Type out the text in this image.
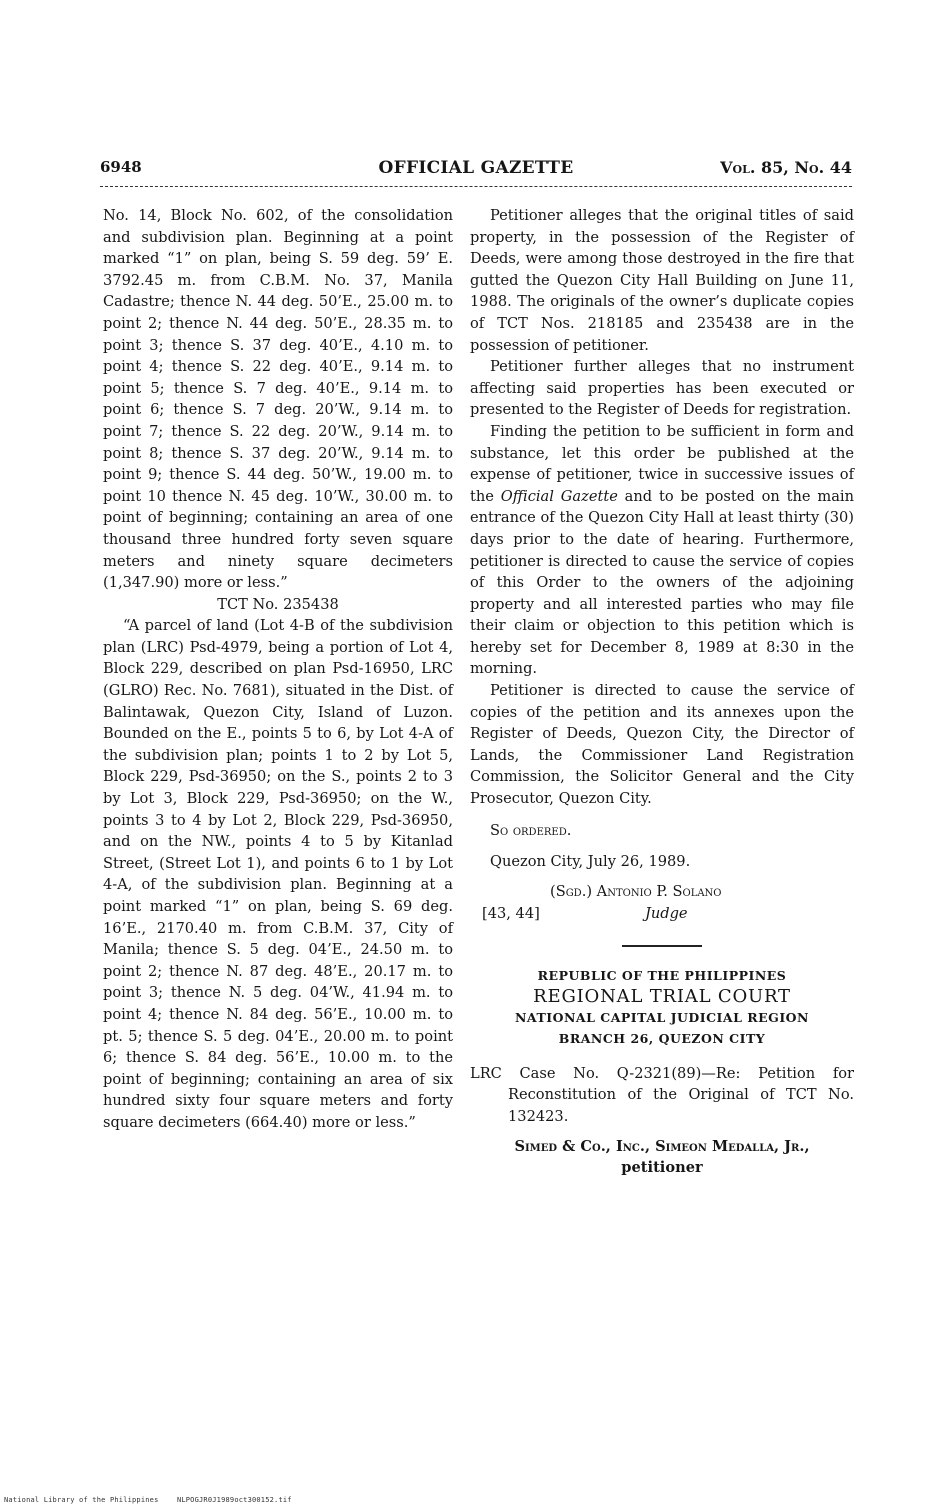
6948	OFFICIAL GAZETTE	Vol. 85, No. 44

No. 14, Block No. 602, of the consolidation and subdivision plan. Beginning at a point marked “1” on plan, being S. 59 deg. 59’ E. 3792.45 m. from C.B.M. No. 37, Manila Cadastre; thence N. 44 deg. 50’E., 25.00 m. to point 2; thence N. 44 deg. 50’E., 28.35 m. to point 3; thence S. 37 deg. 40’E., 4.10 m. to point 4; thence S. 22 deg. 40’E., 9.14 m. to point 5; thence S. 7 deg. 40’E., 9.14 m. to point 6; thence S. 7 deg. 20’W., 9.14 m. to point 7; thence S. 22 deg. 20’W., 9.14 m. to point 8; thence S. 37 deg. 20’W., 9.14 m. to point 9; thence S. 44 deg. 50’W., 19.00 m. to point 10 thence N. 45 deg. 10’W., 30.00 m. to point of beginning; containing an area of one thousand three hundred forty seven square meters and ninety square decimeters (1,347.90) more or less.”

TCT No. 235438

“A parcel of land (Lot 4-B of the subdivision plan (LRC) Psd-4979, being a portion of Lot 4, Block 229, described on plan Psd-16950, LRC (GLRO) Rec. No. 7681), situated in the Dist. of Balintawak, Quezon City, Island of Luzon. Bounded on the E., points 5 to 6, by Lot 4-A of the subdivision plan; points 1 to 2 by Lot 5, Block 229, Psd-36950; on the S., points 2 to 3 by Lot 3, Block 229, Psd-36950; on the W., points 3 to 4 by Lot 2, Block 229, Psd-36950, and on the NW., points 4 to 5 by Kitanlad Street, (Street Lot 1), and points 6 to 1 by Lot 4-A, of the subdivision plan. Beginning at a point marked “1” on plan, being S. 69 deg. 16’E., 2170.40 m. from C.B.M. 37, City of Manila; thence S. 5 deg. 04’E., 24.50 m. to point 2; thence N. 87 deg. 48’E., 20.17 m. to point 3; thence N. 5 deg. 04’W., 41.94 m. to point 4; thence N. 84 deg. 56’E., 10.00 m. to pt. 5; thence S. 5 deg. 04’E., 20.00 m. to point 6; thence S. 84 deg. 56’E., 10.00 m. to the point of beginning; containing an area of six hundred sixty four square meters and forty square decimeters (664.40) more or less.”

Petitioner alleges that the original titles of said property, in the possession of the Register of Deeds, were among those destroyed in the fire that gutted the Quezon City Hall Building on June 11, 1988. The originals of the owner’s duplicate copies of TCT Nos. 218185 and 235438 are in the possession of petitioner.

Petitioner further alleges that no instrument affecting said properties has been executed or presented to the Register of Deeds for registration.

Finding the petition to be sufficient in form and substance, let this order be published at the expense of petitioner, twice in successive issues of the Official Gazette and to be posted on the main entrance of the Quezon City Hall at least thirty (30) days prior to the date of hearing. Furthermore, petitioner is directed to cause the service of copies of this Order to the owners of the adjoining property and all interested parties who may file their claim or objection to this petition which is hereby set for December 8, 1989 at 8:30 in the morning.

Petitioner is directed to cause the service of copies of the petition and its annexes upon the Register of Deeds, Quezon City, the Director of Lands, the Commissioner Land Registration Commission, the Solicitor General and the City Prosecutor, Quezon City.

So ordered.

Quezon City, July 26, 1989.

(Sgd.) Antonio P. Solano
[43, 44]	Judge
REPUBLIC OF THE PHILIPPINES
REGIONAL TRIAL COURT
NATIONAL CAPITAL JUDICIAL REGION
BRANCH 26, QUEZON CITY

LRC Case No. Q-2321(89)—Re: Petition for Reconstitution of the Original of TCT No. 132423.

Simed & Co., Inc., Simeon Medalla, Jr.,

petitioner

National Library of the Philippines	NLPOGJR0J1989oct300152.tif
